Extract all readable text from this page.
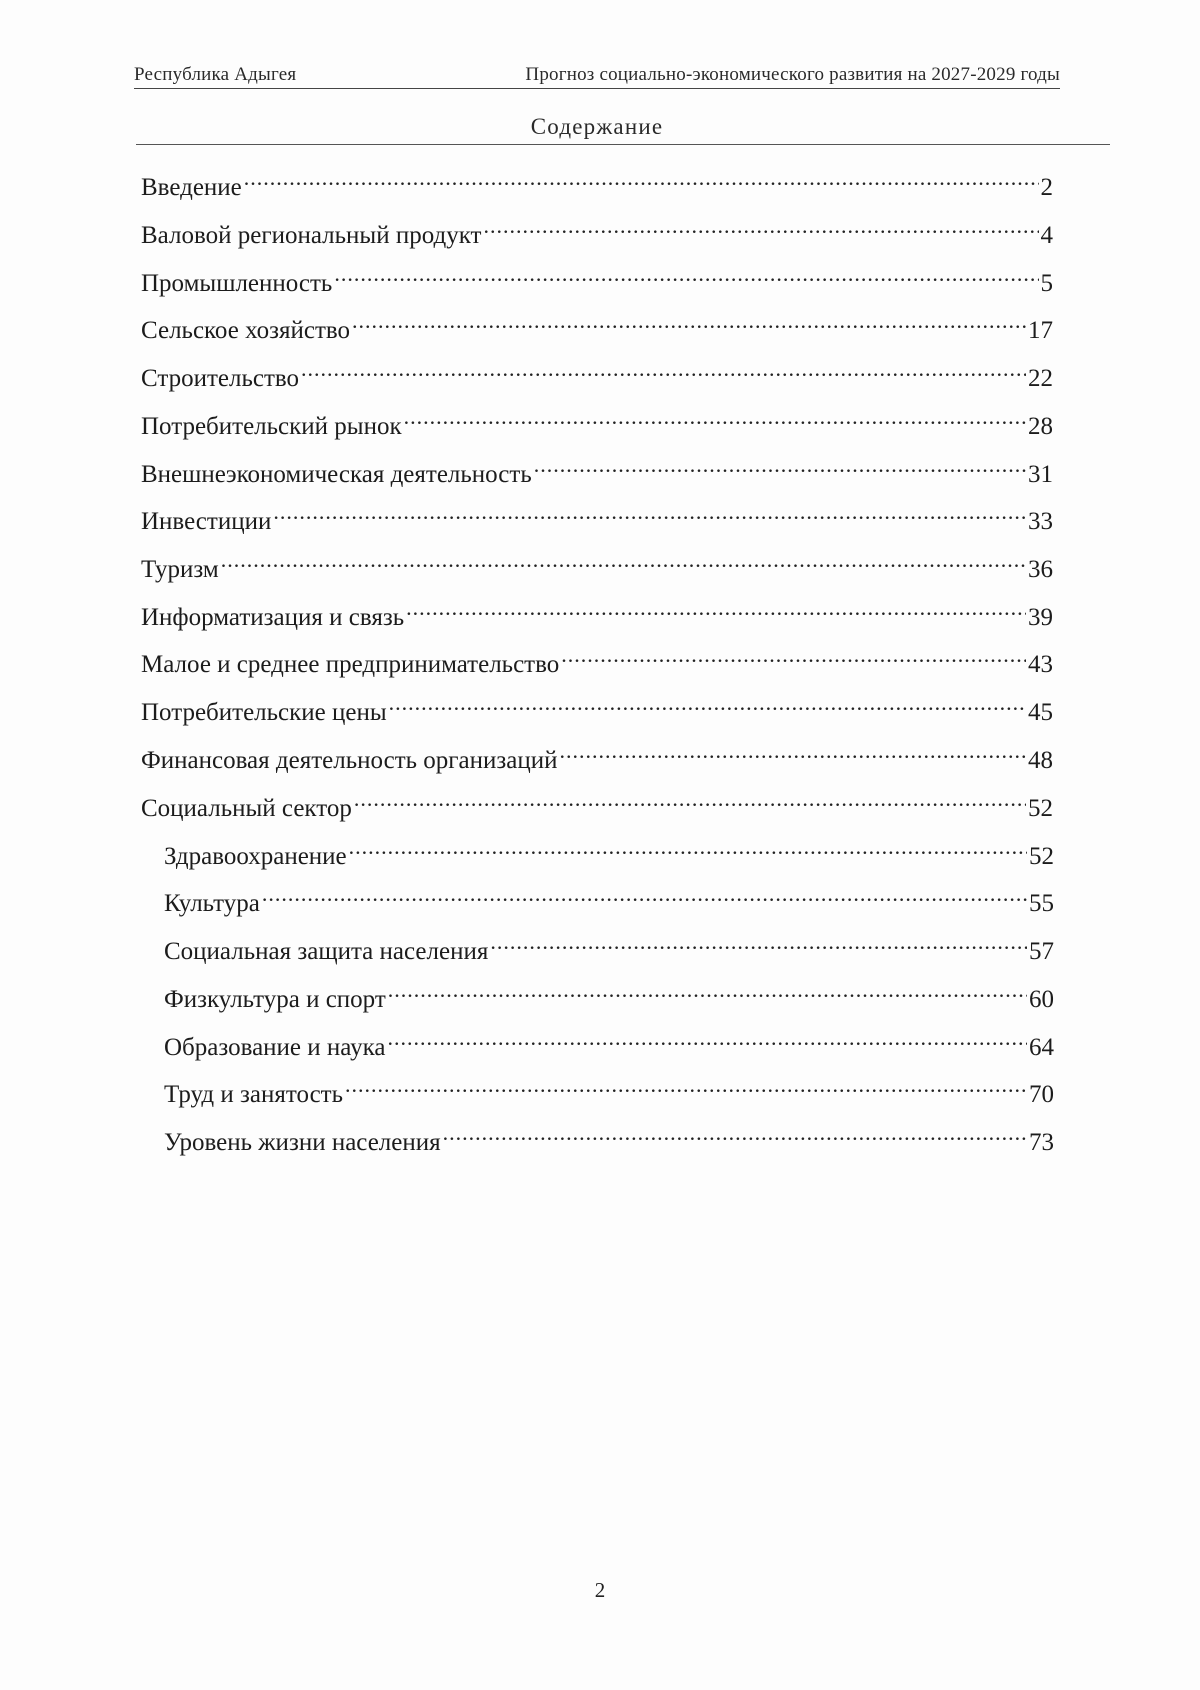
Республика Адыгея	Прогноз социально-экономического развития на 2027-2029 годы
Содержание
Введение .....	2
Валовой региональный продукт .....	4
Промышленность .....	5
Сельское хозяйство .....	17
Строительство .....	22
Потребительский рынок .....	28
Внешнеэкономическая деятельность .....	31
Инвестиции .....	33
Туризм .....	36
Информатизация и связь .....	39
Малое и среднее предпринимательство .....	43
Потребительские цены .....	45
Финансовая деятельность организаций .....	48
Социальный сектор .....	52
Здравоохранение .....	52
Культура .....	55
Социальная защита населения .....	57
Физкультура и спорт .....	60
Образование и наука .....	64
Труд и занятость .....	70
Уровень жизни населения .....	73
2
